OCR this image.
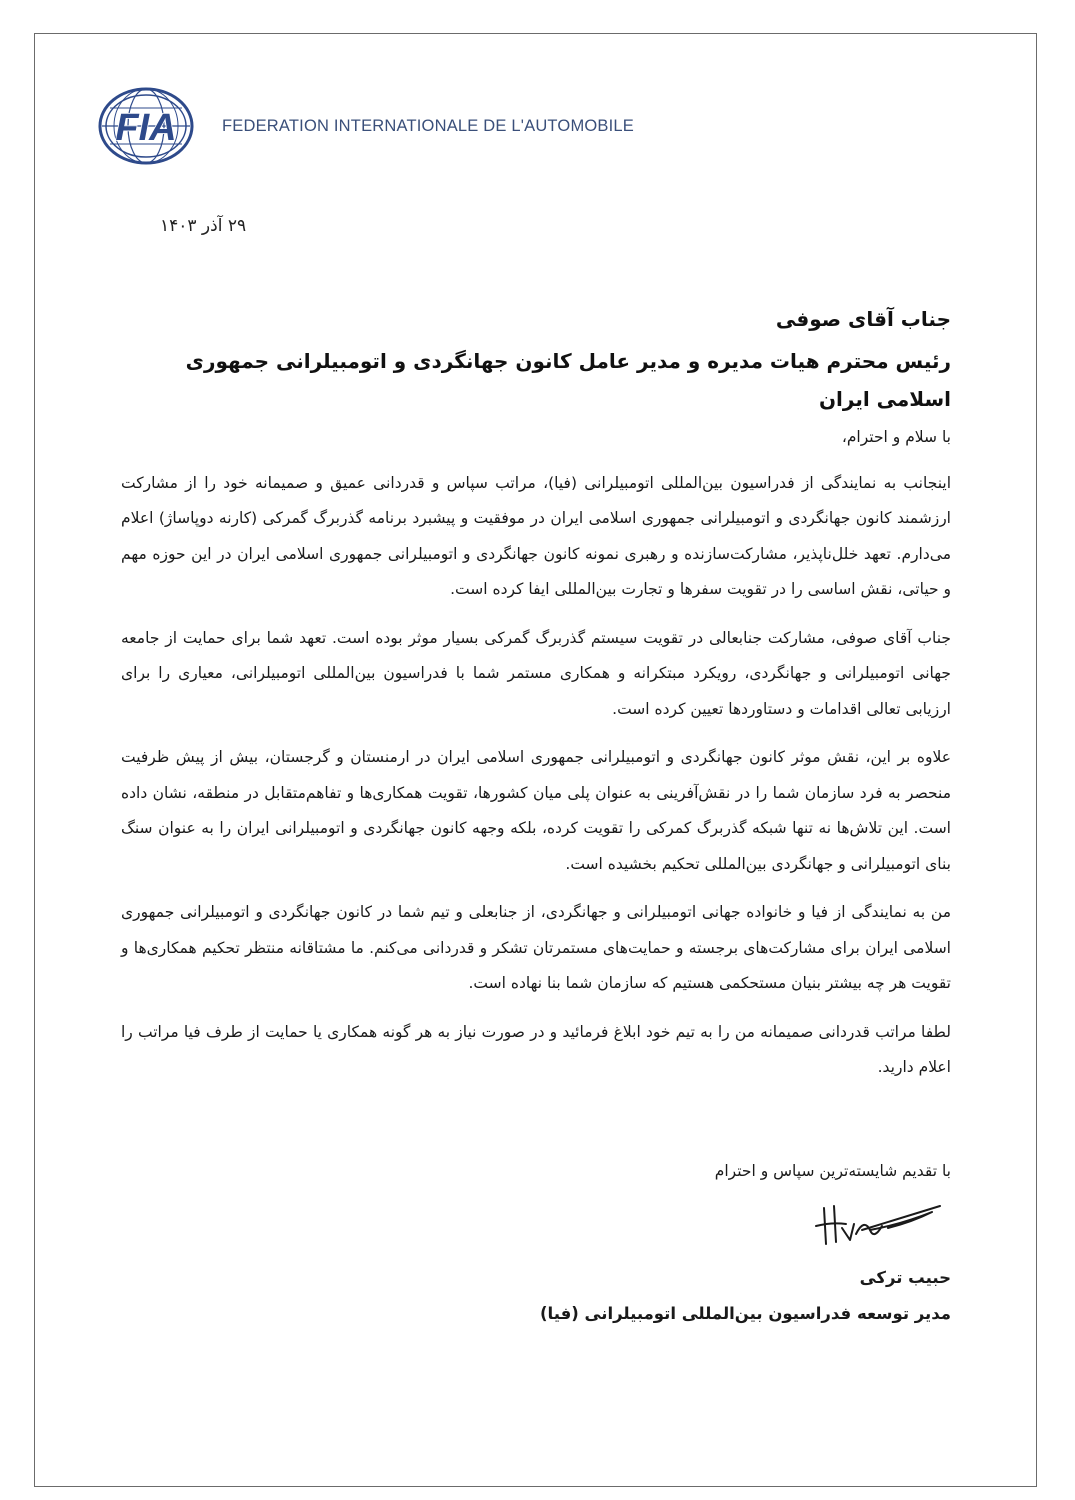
FIA	FEDERATION INTERNATIONALE DE L'AUTOMOBILE
۲۹ آذر ۱۴۰۳
جناب آقای صوفی
رئیس محترم هیات مدیره و مدیر عامل کانون جهانگردی و اتومبیلرانی جمهوری اسلامی ایران

با سلام و احترام،

اینجانب به نمایندگی از فدراسیون بین‌المللی اتومبیلرانی (فیا)، مراتب سپاس و قدردانی عمیق و صمیمانه خود را از مشارکت ارزشمند کانون جهانگردی و اتومبیلرانی جمهوری اسلامی ایران در موفقیت و پیشبرد برنامه گذربرگ گمرکی (کارنه دوپاساژ) اعلام می‌دارم. تعهد خلل‌ناپذیر، مشارکت‌سازنده و رهبری نمونه کانون جهانگردی و اتومبیلرانی جمهوری اسلامی ایران در این حوزه مهم و حیاتی، نقش اساسی را در تقویت سفرها و تجارت بین‌المللی ایفا کرده است.

جناب آقای صوفی، مشارکت جنابعالی در تقویت سیستم گذربرگ گمرکی بسیار موثر بوده است. تعهد شما برای حمایت از جامعه جهانی اتومبیلرانی و جهانگردی، رویکرد مبتکرانه و همکاری مستمر شما با فدراسیون بین‌المللی اتومبیلرانی، معیاری را برای ارزیابی تعالی اقدامات و دستاوردها تعیین کرده است.

علاوه بر این، نقش موثر کانون جهانگردی و اتومبیلرانی جمهوری اسلامی ایران در ارمنستان و گرجستان، بیش از پیش ظرفیت منحصر به فرد سازمان شما را در نقش‌آفرینی به عنوان پلی میان کشورها، تقویت همکاری‌ها و تفاهم‌متقابل در منطقه، نشان داده است. این تلاش‌ها نه تنها شبکه گذربرگ کمرکی را تقویت کرده، بلکه وجهه کانون جهانگردی و اتومبیلرانی ایران را به عنوان سنگ بنای اتومبیلرانی و جهانگردی بین‌المللی تحکیم بخشیده است.

من به نمایندگی از فیا و خانواده جهانی اتومبیلرانی و جهانگردی، از جنابعلی و تیم شما در کانون جهانگردی و اتومبیلرانی جمهوری اسلامی ایران برای مشارکت‌های برجسته و حمایت‌های مستمرتان تشکر و قدردانی می‌کنم. ما مشتاقانه منتظر تحکیم همکاری‌ها و تقویت هر چه بیشتر بنیان مستحکمی هستیم که سازمان شما بنا نهاده است.

لطفا مراتب قدردانی صمیمانه من را به تیم خود ابلاغ فرمائید و در صورت نیاز به هر گونه همکاری یا حمایت از طرف فیا مراتب را اعلام دارید.

با تقدیم شایسته‌ترین سپاس و احترام
حبیب ترکی
مدیر توسعه فدراسیون بین‌المللی اتومبیلرانی (فیا)
